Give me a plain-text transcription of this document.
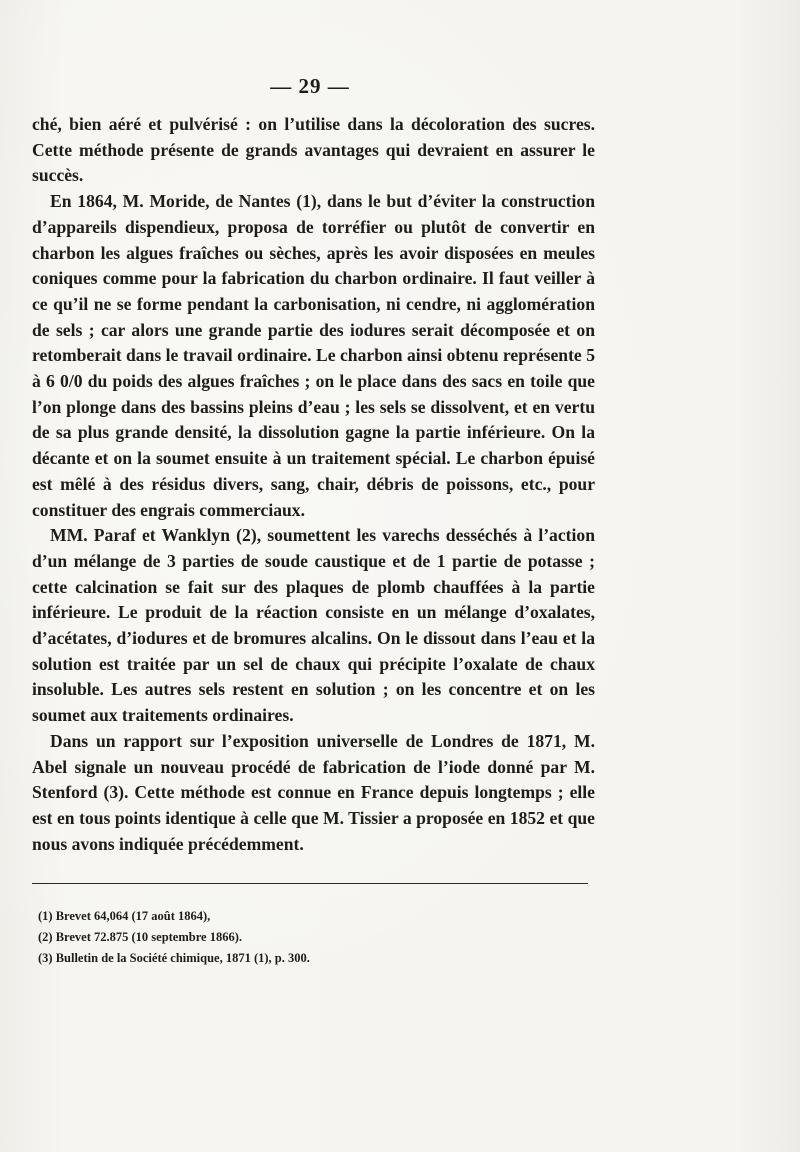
— 29 —

ché, bien aéré et pulvérisé : on l’utilise dans la décoloration des sucres. Cette méthode présente de grands avantages qui devraient en assurer le succès.

En 1864, M. Moride, de Nantes (1), dans le but d’éviter la construction d’appareils dispendieux, proposa de torréfier ou plutôt de convertir en charbon les algues fraîches ou sèches, après les avoir disposées en meules coniques comme pour la fabrication du charbon ordinaire. Il faut veiller à ce qu’il ne se forme pendant la carbonisation, ni cendre, ni agglomération de sels ; car alors une grande partie des iodures serait décomposée et on retomberait dans le travail ordinaire. Le charbon ainsi obtenu représente 5 à 6 0/0 du poids des algues fraîches ; on le place dans des sacs en toile que l’on plonge dans des bassins pleins d’eau ; les sels se dissolvent, et en vertu de sa plus grande densité, la dissolution gagne la partie inférieure. On la décante et on la soumet ensuite à un traitement spécial. Le charbon épuisé est mêlé à des résidus divers, sang, chair, débris de poissons, etc., pour constituer des engrais commerciaux.

MM. Paraf et Wanklyn (2), soumettent les varechs desséchés à l’action d’un mélange de 3 parties de soude caustique et de 1 partie de potasse ; cette calcination se fait sur des plaques de plomb chauffées à la partie inférieure. Le produit de la réaction consiste en un mélange d’oxalates, d’acétates, d’iodures et de bromures alcalins. On le dissout dans l’eau et la solution est traitée par un sel de chaux qui précipite l’oxalate de chaux insoluble. Les autres sels restent en solution ; on les concentre et on les soumet aux traitements ordinaires.

Dans un rapport sur l’exposition universelle de Londres de 1871, M. Abel signale un nouveau procédé de fabrication de l’iode donné par M. Stenford (3). Cette méthode est connue en France depuis longtemps ; elle est en tous points identique à celle que M. Tissier a proposée en 1852 et que nous avons indiquée précédemment.

(1) Brevet 64,064 (17 août 1864),

(2) Brevet 72.875 (10 septembre 1866).

(3) Bulletin de la Société chimique, 1871 (1), p. 300.
